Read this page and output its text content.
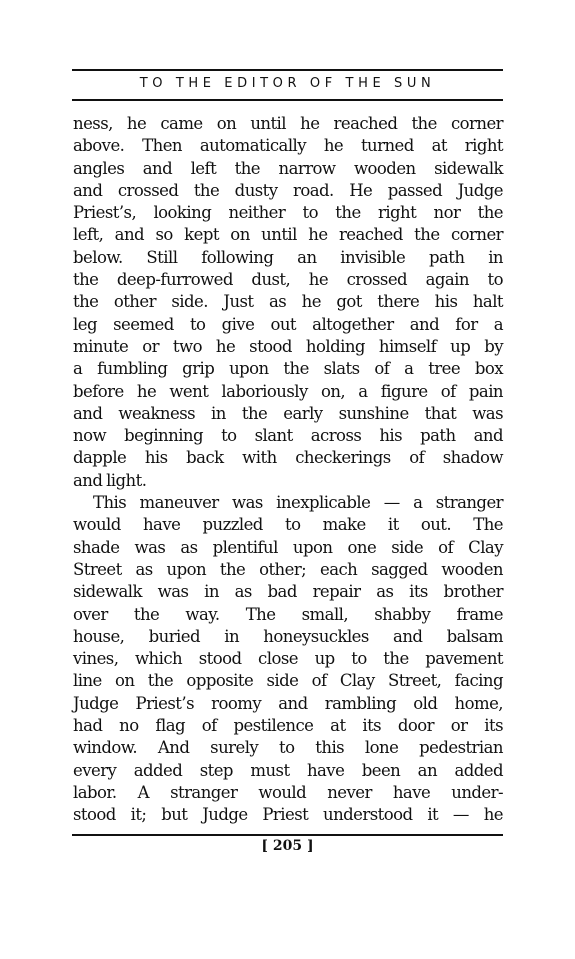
TO THE EDITOR OF THE SUN
ness, he came on until he reached the corner
above. Then automatically he turned at right
angles and left the narrow wooden sidewalk
and crossed the dusty road. He passed Judge
Priest’s, looking neither to the right nor the
left, and so kept on until he reached the corner
below. Still following an invisible path in
the deep-furrowed dust, he crossed again to
the other side. Just as he got there his halt
leg seemed to give out altogether and for a
minute or two he stood holding himself up by
a fumbling grip upon the slats of a tree box
before he went laboriously on, a figure of pain
and weakness in the early sunshine that was
now beginning to slant across his path and
dapple his back with checkerings of shadow
and light.
This maneuver was inexplicable — a stranger
would have puzzled to make it out. The
shade was as plentiful upon one side of Clay
Street as upon the other; each sagged wooden
sidewalk was in as bad repair as its brother
over the way. The small, shabby frame
house, buried in honeysuckles and balsam
vines, which stood close up to the pavement
line on the opposite side of Clay Street, facing
Judge Priest’s roomy and rambling old home,
had no flag of pestilence at its door or its
window. And surely to this lone pedestrian
every added step must have been an added
labor. A stranger would never have under-
stood it; but Judge Priest understood it — he
[ 205 ]
